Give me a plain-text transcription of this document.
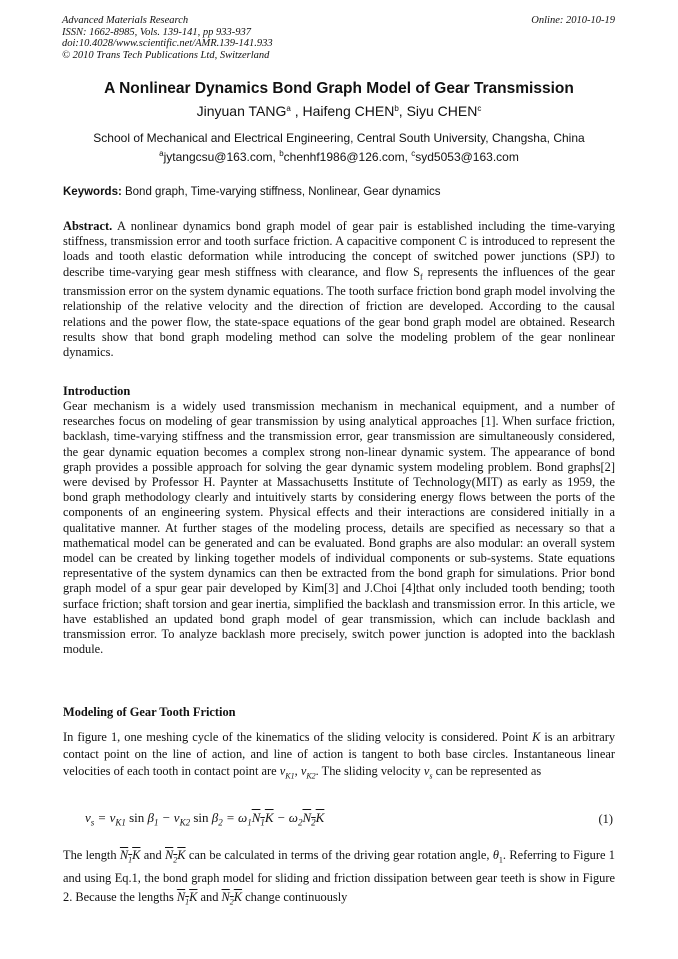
Advanced Materials Research
ISSN: 1662-8985, Vols. 139-141, pp 933-937
doi:10.4028/www.scientific.net/AMR.139-141.933
© 2010 Trans Tech Publications Ltd, Switzerland
Online: 2010-10-19
A Nonlinear Dynamics Bond Graph Model of Gear Transmission
Jinyuan TANG$^a$ , Haifeng CHEN$^b$, Siyu CHEN$^c$
School of Mechanical and Electrical Engineering, Central South University, Changsha, China
$^a$jytangcsu@163.com, $^b$chenhf1986@126.com, $^c$syd5053@163.com
Keywords: Bond graph, Time-varying stiffness, Nonlinear, Gear dynamics
Abstract. A nonlinear dynamics bond graph model of gear pair is established including the time-varying stiffness, transmission error and tooth surface friction. A capacitive component C is introduced to represent the loads and tooth elastic deformation while introducing the concept of switched power junctions (SPJ) to describe time-varying gear mesh stiffness with clearance, and flow $S_f$ represents the influences of the gear transmission error on the system dynamic equations. The tooth surface friction bond graph model involving the relationship of the relative velocity and the direction of friction are developed. According to the causal relations and the power flow, the state-space equations of the gear bond graph model are obtained. Research results show that bond graph modeling method can solve the modeling problem of the gear nonlinear dynamics.
Introduction
Gear mechanism is a widely used transmission mechanism in mechanical equipment, and a number of researches focus on modeling of gear transmission by using analytical approaches [1]. When surface friction, backlash, time-varying stiffness and the transmission error, gear transmission are simultaneously considered, the gear dynamic equation becomes a complex strong non-linear dynamic system. The appearance of bond graph provides a possible approach for solving the gear dynamic system modeling problem. Bond graphs[2] were devised by Professor H. Paynter at Massachusetts Institute of Technology(MIT) as early as 1959, the bond graph methodology clearly and intuitively starts by considering energy flows between the ports of the components of an engineering system. Physical effects and their interactions are considered initially in a qualitative manner. At further stages of the modeling process, details are specified as necessary so that a mathematical model can be generated and can be evaluated. Bond graphs are also modular: an overall system model can be created by linking together models of individual components or sub-systems. State equations representative of the system dynamics can then be extracted from the bond graph for simulations. Prior bond graph model of a spur gear pair developed by Kim[3] and J.Choi [4]that only included tooth bending; tooth surface friction; shaft torsion and gear inertia, simplified the backlash and transmission error. In this article, we have established an updated bond graph model of gear transmission, which can include backlash and transmission error. To analyze backlash more precisely, switch power junction is adopted into the backlash module.
Modeling of Gear Tooth Friction
In figure 1, one meshing cycle of the kinematics of the sliding velocity is considered. Point K is an arbitrary contact point on the line of action, and line of action is tangent to both base circles. Instantaneous linear velocities of each tooth in contact point are $v_{K1}$, $v_{K2}$. The sliding velocity $v_s$ can be represented as
$v_s = v_{K1}$ $\sin \beta_1 - v_{K2}$ $\sin \beta_2 = \omega_1N_1K - \omega_2N_2K$	(1)
The length $N_1K$ and $N_2K$ can be calculated in terms of the driving gear rotation angle, $\theta_1$. Referring to Figure 1 and using Eq.1, the bond graph model for sliding and friction dissipation between gear teeth is show in Figure 2. Because the lengths $N_1K$ and $N_2K$ change continuously
